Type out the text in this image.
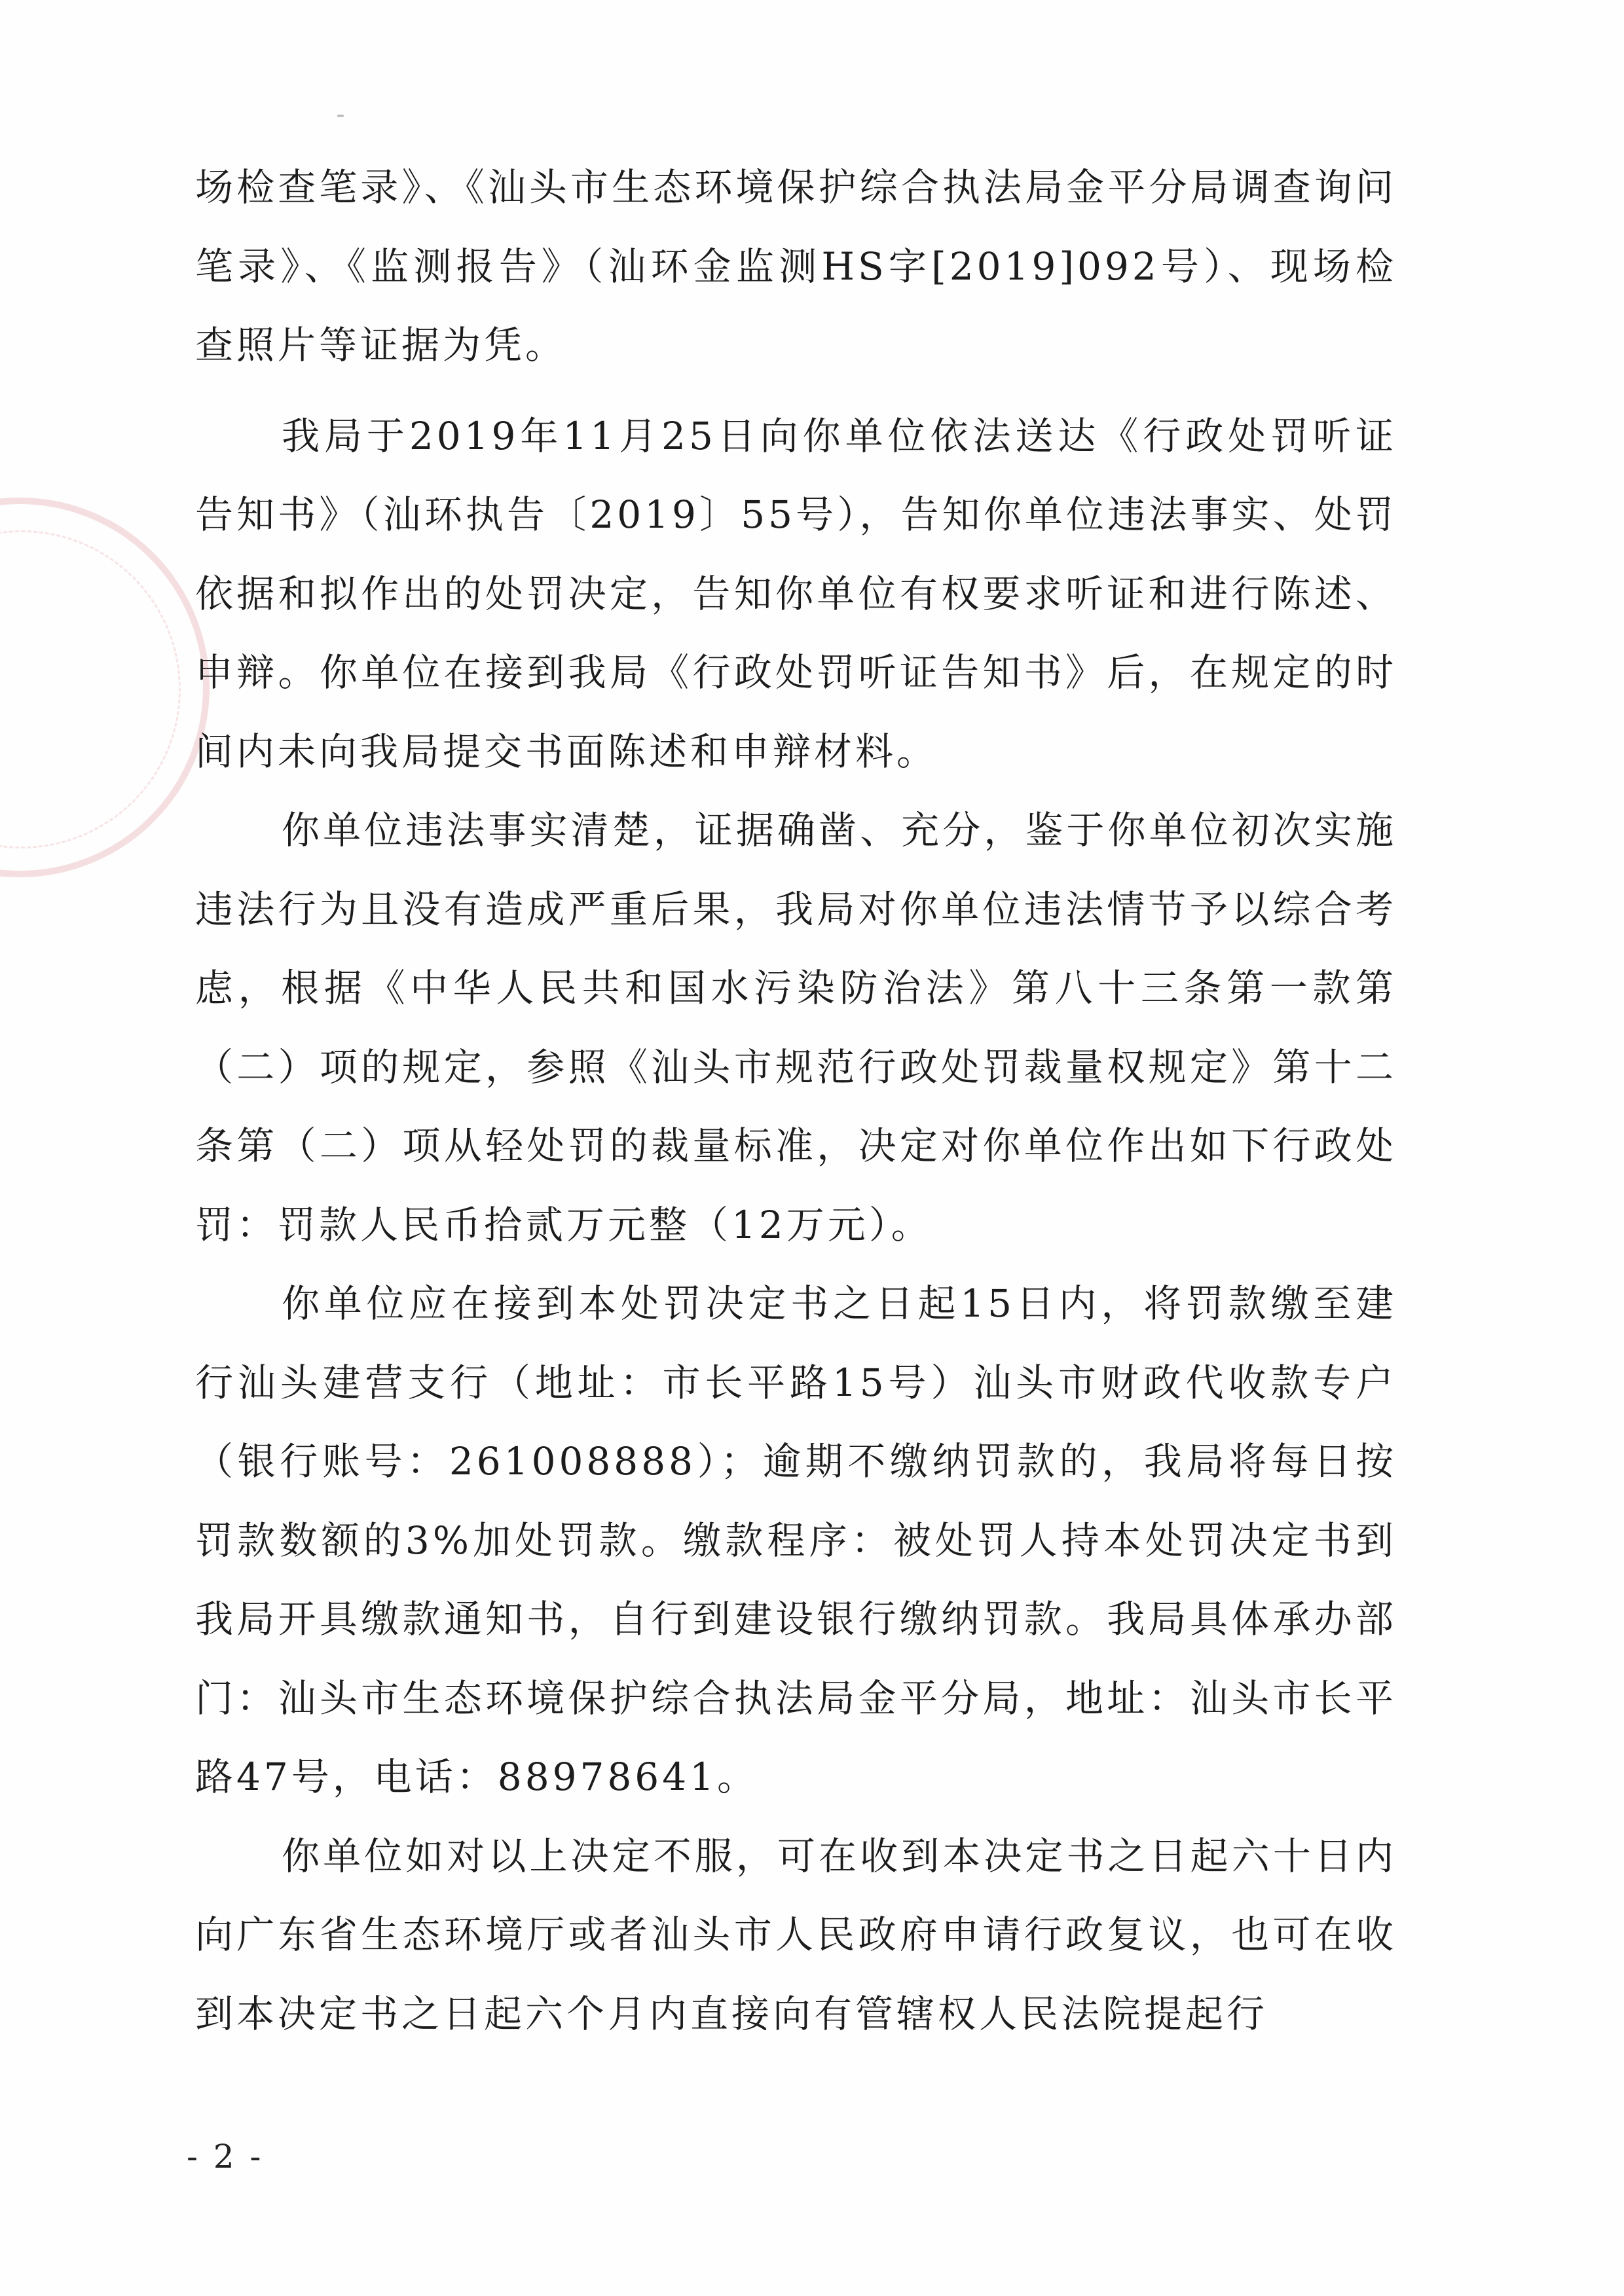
场检查笔录》、《汕头市生态环境保护综合执法局金平分局调查询问笔录》、《监测报告》（汕环金监测HS字[2019]092号）、现场检查照片等证据为凭。

我局于2019年11月25日向你单位依法送达《行政处罚听证告知书》（汕环执告〔2019〕55号），告知你单位违法事实、处罚依据和拟作出的处罚决定，告知你单位有权要求听证和进行陈述、申辩。你单位在接到我局《行政处罚听证告知书》后，在规定的时间内未向我局提交书面陈述和申辩材料。

你单位违法事实清楚，证据确凿、充分，鉴于你单位初次实施违法行为且没有造成严重后果，我局对你单位违法情节予以综合考虑，根据《中华人民共和国水污染防治法》第八十三条第一款第（二）项的规定，参照《汕头市规范行政处罚裁量权规定》第十二条第（二）项从轻处罚的裁量标准，决定对你单位作出如下行政处罚：罚款人民币拾贰万元整（12万元）。

你单位应在接到本处罚决定书之日起15日内，将罚款缴至建行汕头建营支行（地址：市长平路15号）汕头市财政代收款专户（银行账号：261008888）；逾期不缴纳罚款的，我局将每日按罚款数额的3%加处罚款。缴款程序：被处罚人持本处罚决定书到我局开具缴款通知书，自行到建设银行缴纳罚款。我局具体承办部门：汕头市生态环境保护综合执法局金平分局，地址：汕头市长平路47号，电话：88978641。

你单位如对以上决定不服，可在收到本决定书之日起六十日内向广东省生态环境厅或者汕头市人民政府申请行政复议，也可在收到本决定书之日起六个月内直接向有管辖权人民法院提起行

- 2 -
